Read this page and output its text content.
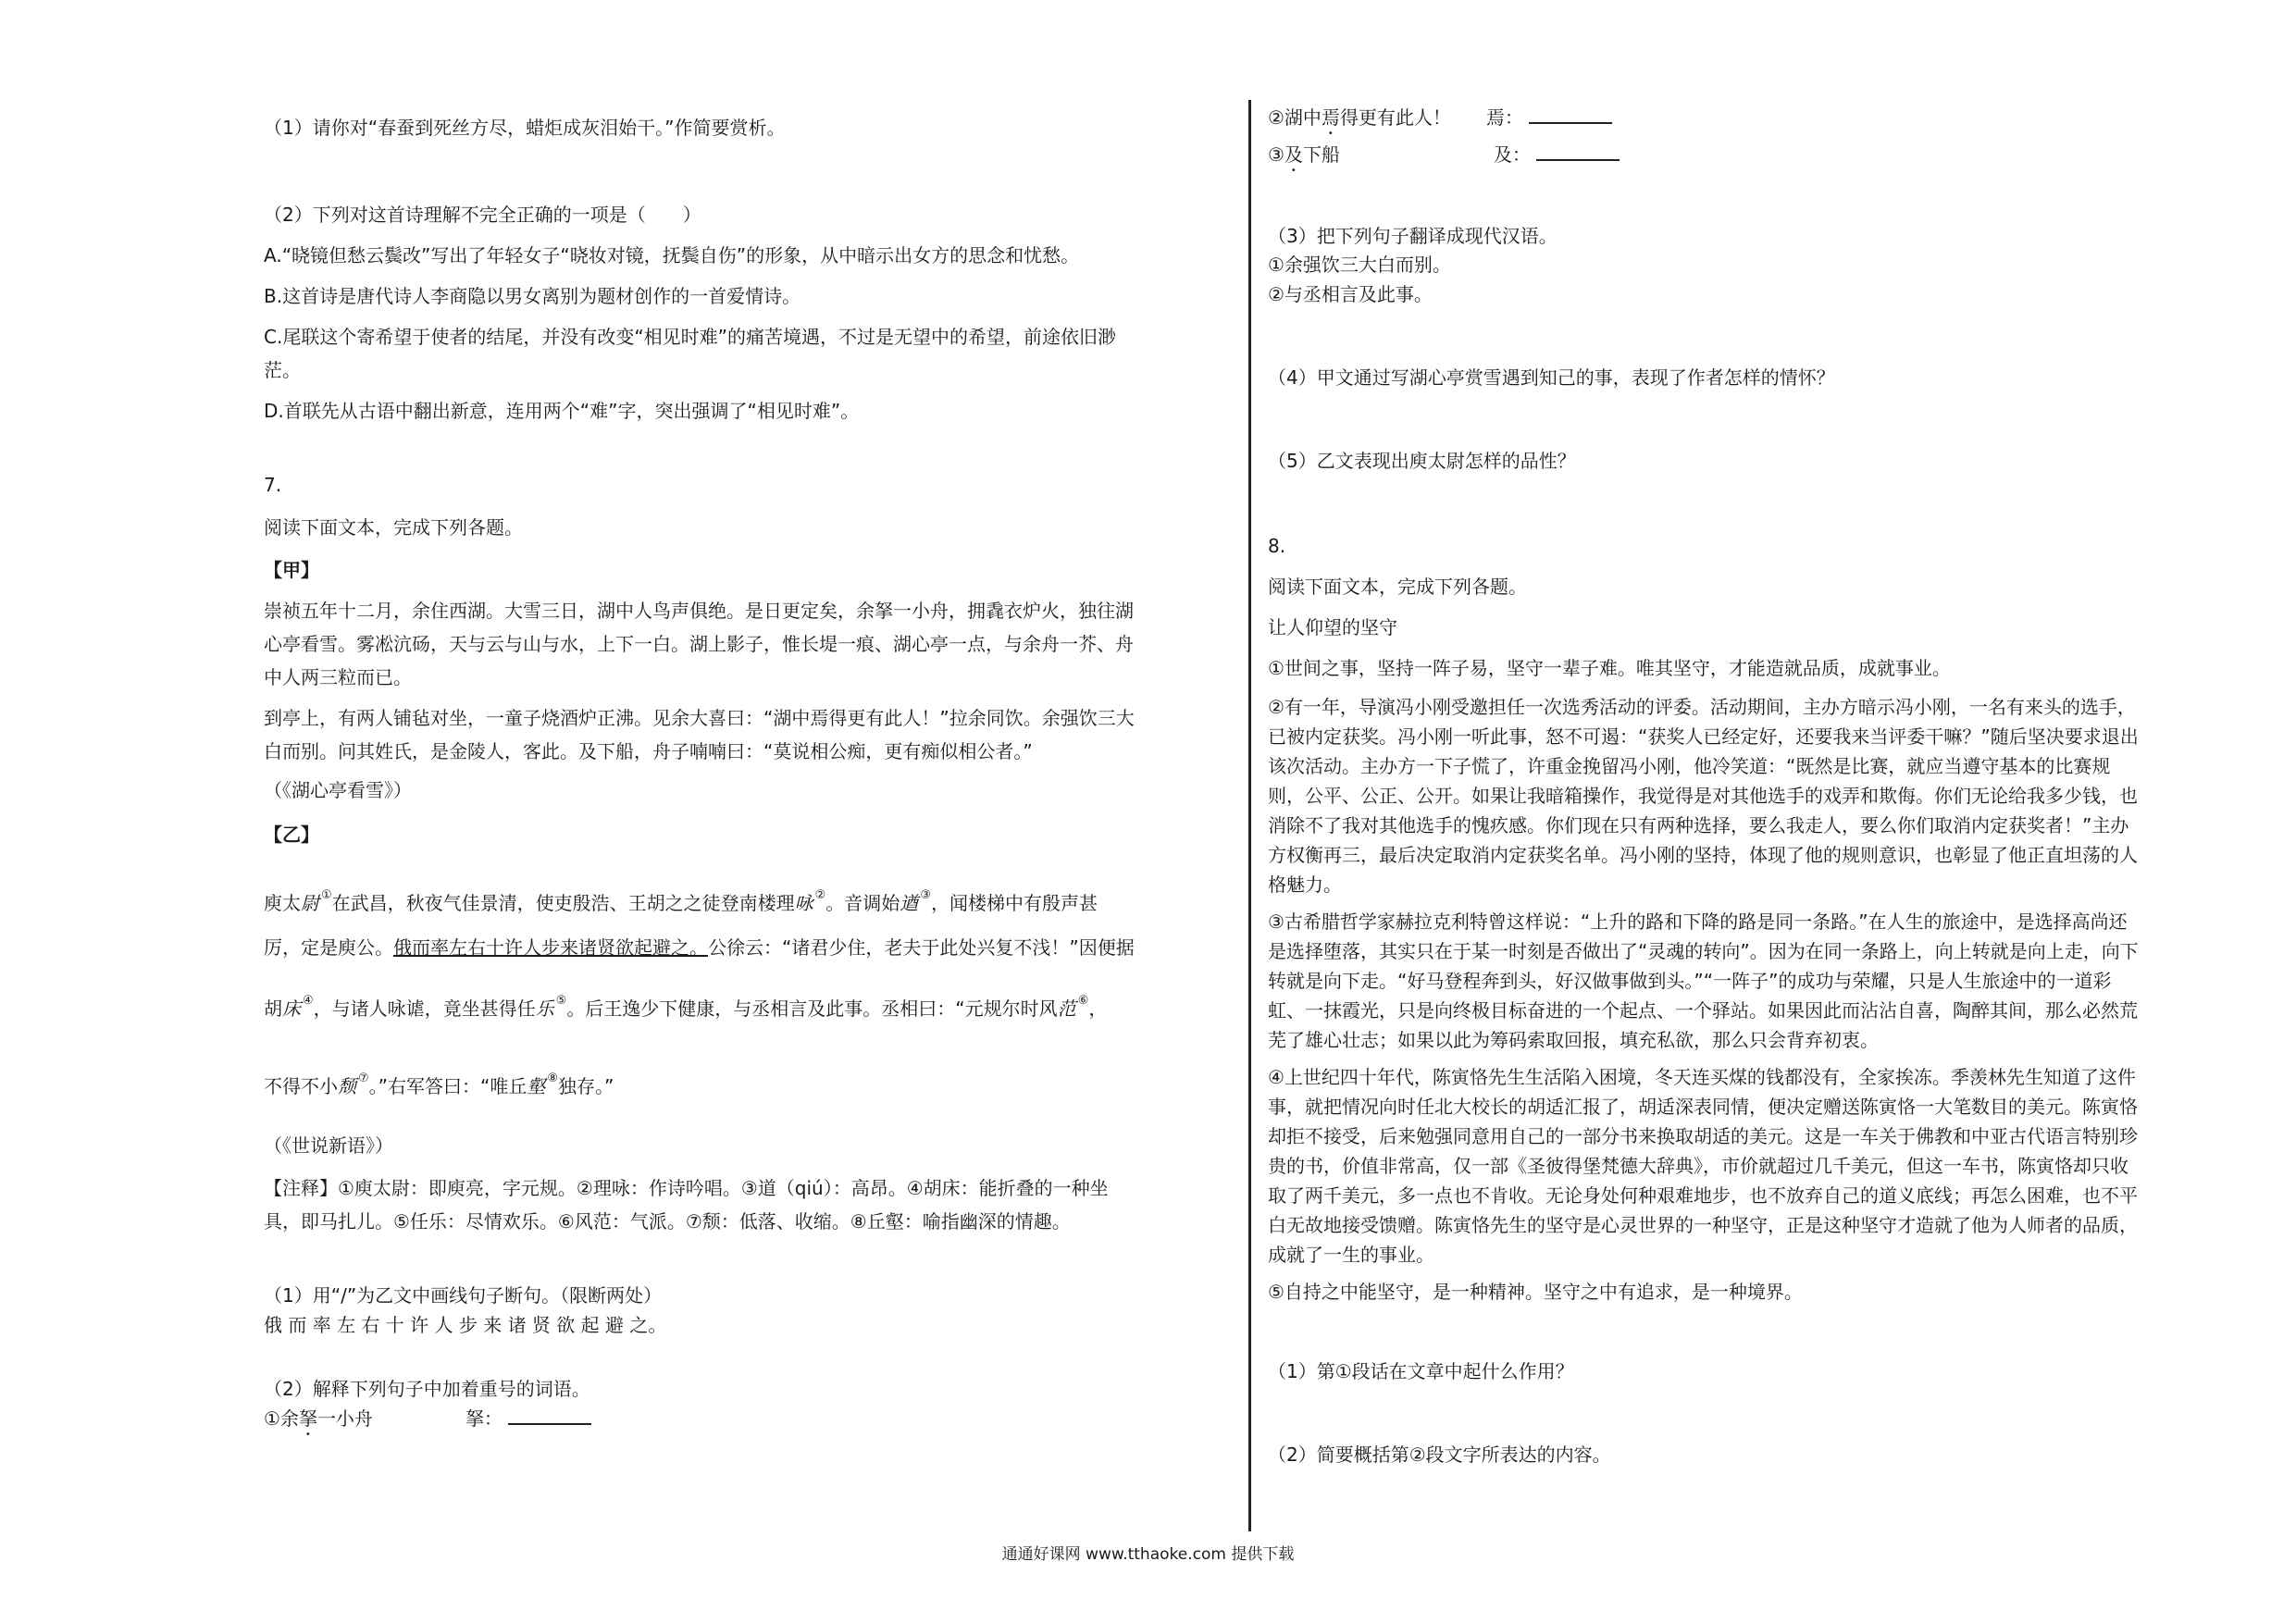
（1）请你对“春蚕到死丝方尽，蜡炬成灰泪始干。”作简要赏析。

（2）下列对这首诗理解不完全正确的一项是（　　）

A.“晓镜但愁云鬓改”写出了年轻女子“晓妆对镜，抚鬓自伤”的形象，从中暗示出女方的思念和忧愁。

B.这首诗是唐代诗人李商隐以男女离别为题材创作的一首爱情诗。

C.尾联这个寄希望于使者的结尾，并没有改变“相见时难”的痛苦境遇，不过是无望中的希望，前途依旧渺

茫。

D.首联先从古语中翻出新意，连用两个“难”字，突出强调了“相见时难”。

7.

阅读下面文本，完成下列各题。

【甲】

崇祯五年十二月，余住西湖。大雪三日，湖中人鸟声俱绝。是日更定矣，余拏一小舟，拥毳衣炉火，独往湖

心亭看雪。雾凇沆砀，天与云与山与水，上下一白。湖上影子，惟长堤一痕、湖心亭一点，与余舟一芥、舟

中人两三粒而已。

到亭上，有两人铺毡对坐，一童子烧酒炉正沸。见余大喜曰：“湖中焉得更有此人！”拉余同饮。余强饮三大

白而别。问其姓氏，是金陵人，客此。及下船，舟子喃喃曰：“莫说相公痴，更有痴似相公者。”

（《湖心亭看雪》）

【乙】

庾太尉 ①在武昌，秋夜气佳景清，使吏殷浩、王胡之之徒登南楼理咏 ②。音调始遒 ③，闻楼梯中有殷声甚

厉，定是庾公。俄而率左右十许人步来诸贤欲起避之。公徐云：“诸君少住，老夫于此处兴复不浅！”因便据

胡床 ④，与诸人咏谑，竟坐甚得任乐 ⑤。后王逸少下健康，与丞相言及此事。丞相曰：“元规尔时风范 ⑥，

不得不小颓 ⑦。”右军答曰：“唯丘壑 ⑧独存。”

（《世说新语》）

【注释】①庾太尉：即庾亮，字元规。②理咏：作诗吟唱。③道（qiú）：高昂。④胡床：能折叠的一种坐

具，即马扎儿。⑤任乐：尽情欢乐。⑥风范：气派。⑦颓：低落、收缩。⑧丘壑：喻指幽深的情趣。

（1）用“/”为乙文中画线句子断句。（限断两处）

俄 而 率 左 右 十 许 人 步 来 诸 贤 欲 起 避 之。

（2）解释下列句子中加着重号的词语。

①余拏一小舟	拏：

②湖中焉得更有此人！ 焉：

③及下船	及：

（3）把下列句子翻译成现代汉语。

①余强饮三大白而别。

②与丞相言及此事。

（4）甲文通过写湖心亭赏雪遇到知己的事，表现了作者怎样的情怀？

（5）乙文表现出庾太尉怎样的品性？

8.

阅读下面文本，完成下列各题。

让人仰望的坚守

①世间之事，坚持一阵子易，坚守一辈子难。唯其坚守，才能造就品质，成就事业。

②有一年，导演冯小刚受邀担任一次选秀活动的评委。活动期间，主办方暗示冯小刚，一名有来头的选手，

已被内定获奖。冯小刚一听此事，怒不可遏：“获奖人已经定好，还要我来当评委干嘛？”随后坚决要求退出

该次活动。主办方一下子慌了，许重金挽留冯小刚，他冷笑道：“既然是比赛，就应当遵守基本的比赛规

则，公平、公正、公开。如果让我暗箱操作，我觉得是对其他选手的戏弄和欺侮。你们无论给我多少钱，也

消除不了我对其他选手的愧疚感。你们现在只有两种选择，要么我走人，要么你们取消内定获奖者！”主办

方权衡再三，最后决定取消内定获奖名单。冯小刚的坚持，体现了他的规则意识，也彰显了他正直坦荡的人

格魅力。

③古希腊哲学家赫拉克利特曾这样说：“上升的路和下降的路是同一条路。”在人生的旅途中，是选择高尚还

是选择堕落，其实只在于某一时刻是否做出了“灵魂的转向”。因为在同一条路上，向上转就是向上走，向下

转就是向下走。“好马登程奔到头，好汉做事做到头。”“一阵子”的成功与荣耀，只是人生旅途中的一道彩

虹、一抹霞光，只是向终极目标奋进的一个起点、一个驿站。如果因此而沾沾自喜，陶醉其间，那么必然荒

芜了雄心壮志；如果以此为筹码索取回报，填充私欲，那么只会背弃初衷。

④上世纪四十年代，陈寅恪先生生活陷入困境，冬天连买煤的钱都没有，全家挨冻。季羡林先生知道了这件

事，就把情况向时任北大校长的胡适汇报了，胡适深表同情，便决定赠送陈寅恪一大笔数目的美元。陈寅恪

却拒不接受，后来勉强同意用自己的一部分书来换取胡适的美元。这是一车关于佛教和中亚古代语言特别珍

贵的书，价值非常高，仅一部《圣彼得堡梵德大辞典》，市价就超过几千美元，但这一车书，陈寅恪却只收

取了两千美元，多一点也不肯收。无论身处何种艰难地步，也不放弃自己的道义底线；再怎么困难，也不平

白无故地接受馈赠。陈寅恪先生的坚守是心灵世界的一种坚守，正是这种坚守才造就了他为人师者的品质，

成就了一生的事业。

⑤自持之中能坚守，是一种精神。坚守之中有追求，是一种境界。

（1）第①段话在文章中起什么作用？

（2）简要概括第②段文字所表达的内容。

通通好课网 www.tthaoke.com 提供下载
